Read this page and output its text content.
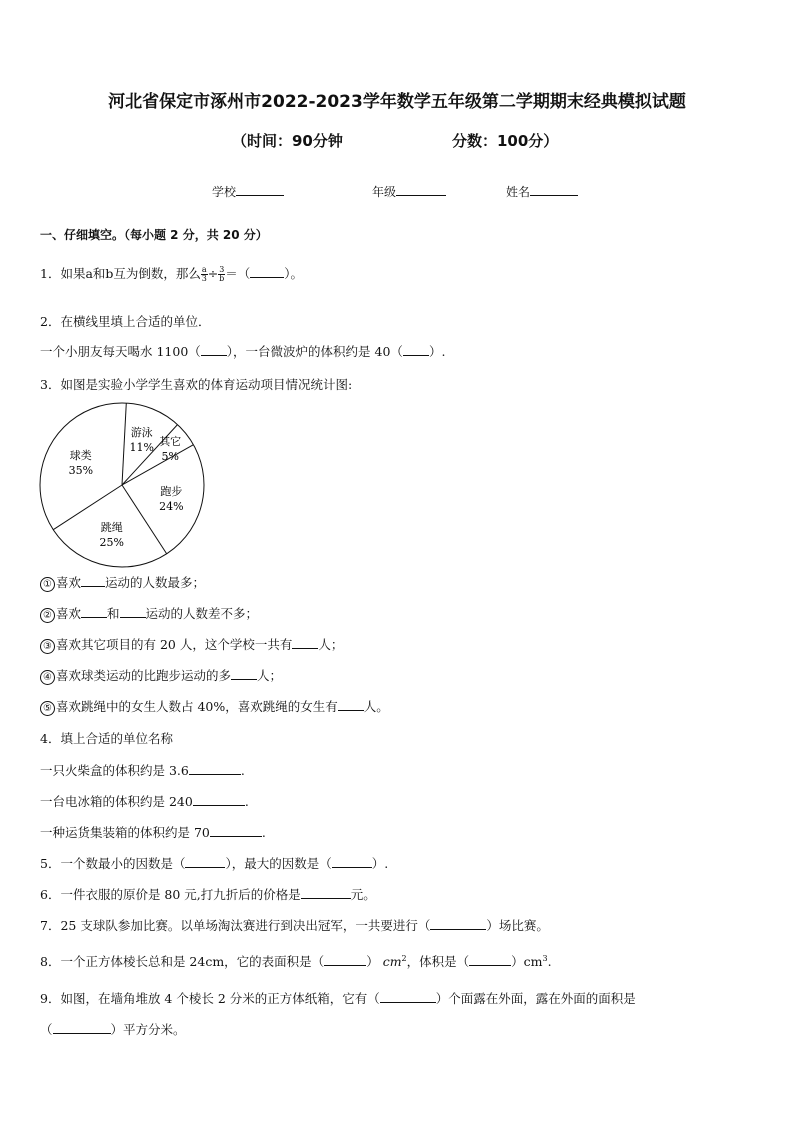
河北省保定市涿州市2022-2023学年数学五年级第二学期期末经典模拟试题
（时间：90分钟	分数：100分）
学校	年级	姓名
一、仔细填空。（每小题 2 分，共 20 分）
1．如果a和b互为倒数，那么 $\frac{a}{3} \div \frac{3}{b}$ ＝（	）。
2．在横线里填上合适的单位．
一个小朋友每天喝水 1100（ ），一台微波炉的体积约是 40（ ）.
3．如图是实验小学学生喜欢的体育运动项目情况统计图:
游泳
11% 其它
5%
跑步
24%
跳绳
25%
球类
35%
① 喜欢 运动的人数最多；
② 喜欢 和 运动的人数差不多；
③ 喜欢其它项目的有 20 人，这个学校一共有 人；
④ 喜欢球类运动的比跑步运动的多 人；
⑤ 喜欢跳绳中的女生人数占 40%，喜欢跳绳的女生有 人。
4．填上合适的单位名称
一只火柴盒的体积约是 3.6	.
一台电冰箱的体积约是 240	.
一种运货集装箱的体积约是 70	.
5．一个数最小的因数是（	），最大的因数是（	）.
6．一件衣服的原价是 80 元,打九折后的价格是	元。
7．25 支球队参加比赛。以单场淘汰赛进行到决出冠军，一共要进行（	）场比赛。
8．一个正方体棱长总和是 24cm，它的表面积是（	） $cm^2$，体积是（	）$cm^3$.
9．如图，在墙角堆放 4 个棱长 2 分米的正方体纸箱，它有（	）个面露在外面，露在外面的面积是
（	）平方分米。
